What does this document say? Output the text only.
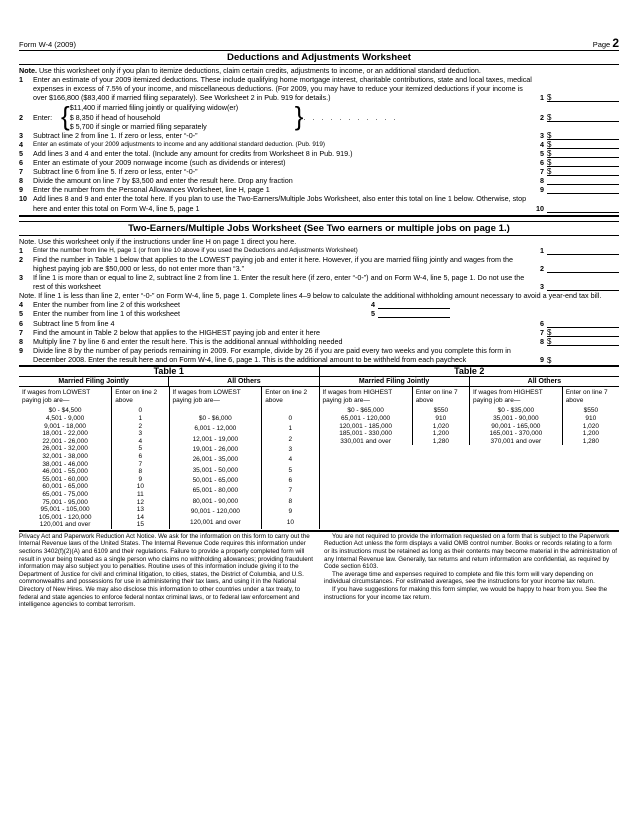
Form W-4 (2009)	Page 2
Deductions and Adjustments Worksheet
Note. Use this worksheet only if you plan to itemize deductions, claim certain credits, adjustments to income, or an additional standard deduction.
1	Enter an estimate of your 2009 itemized deductions. These include qualifying home mortgage interest, charitable contributions, state and local taxes, medical expenses in excess of 7.5% of your income, and miscellaneous deductions. (For 2009, you may have to reduce your itemized deductions if your income is over $166,800 ($83,400 if married filing separately). See Worksheet 2 in Pub. 919 for details.)	1 $
2	Enter: { $11,400 if married filing jointly or qualifying widow(er)
$ 8,350 if head of household
$ 5,700 if single or married filing separately	} . . . . . . . . . . .	2 $
3	Subtract line 2 from line 1. If zero or less, enter “-0-”	3 $
4	Enter an estimate of your 2009 adjustments to income and any additional standard deduction. (Pub. 919)	4 $
5	Add lines 3 and 4 and enter the total. (Include any amount for credits from Worksheet 8 in Pub. 919.)	5 $
6	Enter an estimate of your 2009 nonwage income (such as dividends or interest)	6 $
7	Subtract line 6 from line 5. If zero or less, enter “-0-”	7 $
8	Divide the amount on line 7 by $3,500 and enter the result here. Drop any fraction	8
9	Enter the number from the Personal Allowances Worksheet, line H, page 1	9
10 Add lines 8 and 9 and enter the total here. If you plan to use the Two-Earners/Multiple Jobs Worksheet, also enter this total on line 1 below. Otherwise, stop here and enter this total on Form W-4, line 5, page 1	10
Two-Earners/Multiple Jobs Worksheet (See Two earners or multiple jobs on page 1.)
Note. Use this worksheet only if the instructions under line H on page 1 direct you here.
1	Enter the number from line H, page 1 (or from line 10 above if you used the Deductions and Adjustments Worksheet)	1
2	Find the number in Table 1 below that applies to the LOWEST paying job and enter it here. However, if you are married filing jointly and wages from the highest paying job are $50,000 or less, do not enter more than “3.”	2
3	If line 1 is more than or equal to line 2, subtract line 2 from line 1. Enter the result here (if zero, enter “-0-”) and on Form W-4, line 5, page 1. Do not use the rest of this worksheet	3
Note. If line 1 is less than line 2, enter “-0-” on Form W-4, line 5, page 1. Complete lines 4–9 below to calculate the additional withholding amount necessary to avoid a year-end tax bill.
4	Enter the number from line 2 of this worksheet	4
5	Enter the number from line 1 of this worksheet	5
6	Subtract line 5 from line 4	6
7	Find the amount in Table 2 below that applies to the HIGHEST paying job and enter it here	7 $
8	Multiply line 7 by line 6 and enter the result here. This is the additional annual withholding needed	8 $
9	Divide line 8 by the number of pay periods remaining in 2009. For example, divide by 26 if you are paid every two weeks and you complete this form in December 2008. Enter the result here and on Form W-4, line 6, page 1. This is the additional amount to be withheld from each paycheck	9 $
Table 1	Table 2
Married Filing Jointly	All Others
If wages from LOWEST paying job are—	Enter on line 2 above
$0 - $4,500	0
4,501 - 9,000	1
9,001 - 18,000	2
18,001 - 22,000	3
22,001 - 26,000	4
26,001 - 32,000	5
32,001 - 38,000	6
38,001 - 46,000	7
46,001 - 55,000	8
55,001 - 60,000	9
60,001 - 65,000	10
65,001 - 75,000	11
75,001 - 95,000	12
95,001 - 105,000	13
105,001 - 120,000	14
120,001 and over	15
If wages from LOWEST paying job are—	Enter on line 2 above
$0 - $6,000	0
6,001 - 12,000	1
12,001 - 19,000	2
19,001 - 26,000	3
26,001 - 35,000	4
35,001 - 50,000	5
50,001 - 65,000	6
65,001 - 80,000	7
80,001 - 90,000	8
90,001 - 120,000	9
120,001 and over	10
Married Filing Jointly	All Others
If wages from HIGHEST paying job are—	Enter on line 7 above
$0 - $65,000	$550
65,001 - 120,000	910
120,001 - 185,000	1,020
185,001 - 330,000	1,200
330,001 and over	1,280
If wages from HIGHEST paying job are—	Enter on line 7 above
$0 - $35,000	$550
35,001 - 90,000	910
90,001 - 165,000	1,020
165,001 - 370,000	1,200
370,001 and over	1,280
Privacy Act and Paperwork Reduction Act Notice. We ask for the information on this form to carry out the Internal Revenue laws of the United States. The Internal Revenue Code requires this information under sections 3402(f)(2)(A) and 6109 and their regulations. Failure to provide a properly completed form will result in your being treated as a single person who claims no withholding allowances; providing fraudulent information may also subject you to penalties. Routine uses of this information include giving it to the Department of Justice for civil and criminal litigation, to cities, states, the District of Columbia, and U.S. commonwealths and possessions for use in administering their tax laws, and using it in the National Directory of New Hires. We may also disclose this information to other countries under a tax treaty, to federal and state agencies to enforce federal nontax criminal laws, or to federal law enforcement and intelligence agencies to combat terrorism.
You are not required to provide the information requested on a form that is subject to the Paperwork Reduction Act unless the form displays a valid OMB control number. Books or records relating to a form or its instructions must be retained as long as their contents may become material in the administration of any Internal Revenue law. Generally, tax returns and return information are confidential, as required by Code section 6103.
The average time and expenses required to complete and file this form will vary depending on individual circumstances. For estimated averages, see the instructions for your income tax return.
If you have suggestions for making this form simpler, we would be happy to hear from you. See the instructions for your income tax return.
